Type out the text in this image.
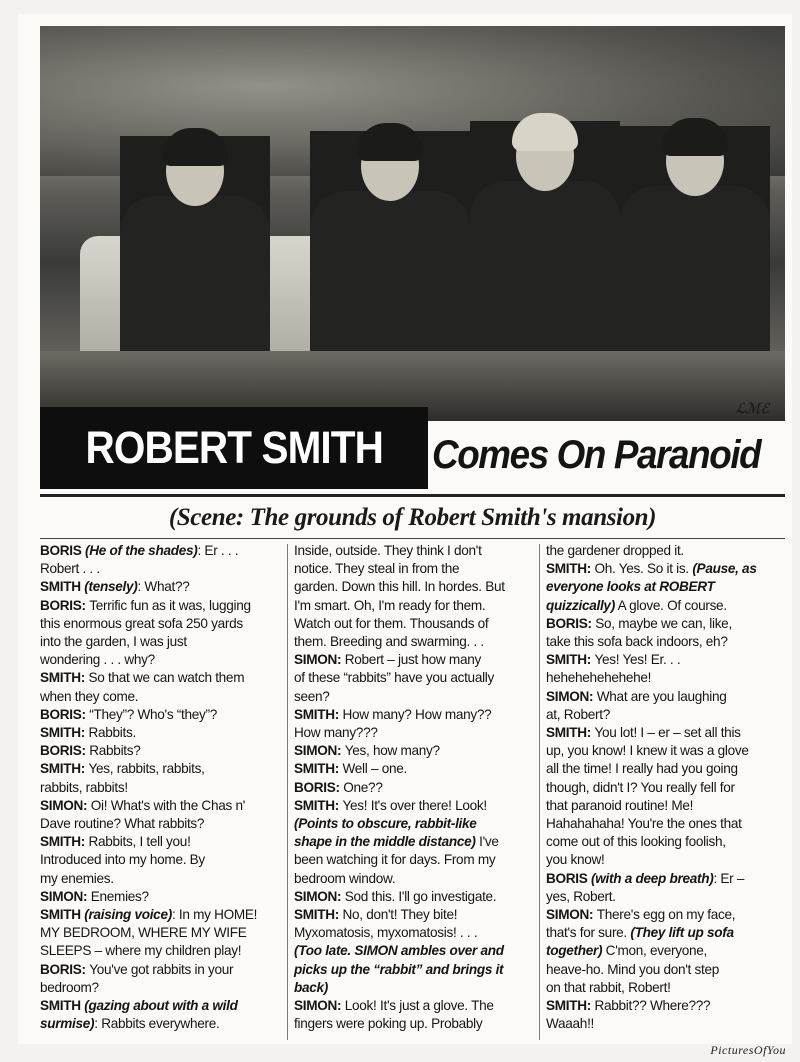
ℒℳℰ
ROBERT SMITH Comes On Paranoid
(Scene: The grounds of Robert Smith's mansion)
BORIS (He of the shades): Er . . .
Robert . . .
SMITH (tensely): What??
BORIS: Terrific fun as it was, lugging
this enormous great sofa 250 yards
into the garden, I was just
wondering . . . why?
SMITH: So that we can watch them
when they come.
BORIS: “They”? Who's “they”?
SMITH: Rabbits.
BORIS: Rabbits?
SMITH: Yes, rabbits, rabbits,
rabbits, rabbits!
SIMON: Oi! What's with the Chas n'
Dave routine? What rabbits?
SMITH: Rabbits, I tell you!
Introduced into my home. By
my enemies.
SIMON: Enemies?
SMITH (raising voice): In my HOME!
MY BEDROOM, WHERE MY WIFE
SLEEPS – where my children play!
BORIS: You've got rabbits in your
bedroom?
SMITH (gazing about with a wild
surmise): Rabbits everywhere.
Inside, outside. They think I don't
notice. They steal in from the
garden. Down this hill. In hordes. But
I'm smart. Oh, I'm ready for them.
Watch out for them. Thousands of
them. Breeding and swarming. . .
SIMON: Robert – just how many
of these “rabbits” have you actually
seen?
SMITH: How many? How many??
How many???
SIMON: Yes, how many?
SMITH: Well – one.
BORIS: One??
SMITH: Yes! It's over there! Look!
(Points to obscure, rabbit-like
shape in the middle distance) I've
been watching it for days. From my
bedroom window.
SIMON: Sod this. I'll go investigate.
SMITH: No, don't! They bite!
Myxomatosis, myxomatosis! . . .
(Too late. SIMON ambles over and
picks up the “rabbit” and brings it
back)
SIMON: Look! It's just a glove. The
fingers were poking up. Probably
the gardener dropped it.
SMITH: Oh. Yes. So it is. (Pause, as
everyone looks at ROBERT
quizzically) A glove. Of course.
BORIS: So, maybe we can, like,
take this sofa back indoors, eh?
SMITH: Yes! Yes! Er. . .
hehehehehehehe!
SIMON: What are you laughing
at, Robert?
SMITH: You lot! I – er – set all this
up, you know! I knew it was a glove
all the time! I really had you going
though, didn't I? You really fell for
that paranoid routine! Me!
Hahahahaha! You're the ones that
come out of this looking foolish,
you know!
BORIS (with a deep breath): Er –
yes, Robert.
SIMON: There's egg on my face,
that's for sure. (They lift up sofa
together) C'mon, everyone,
heave-ho. Mind you don't step
on that rabbit, Robert!
SMITH: Rabbit?? Where???
Waaah!!
PicturesOfYou
